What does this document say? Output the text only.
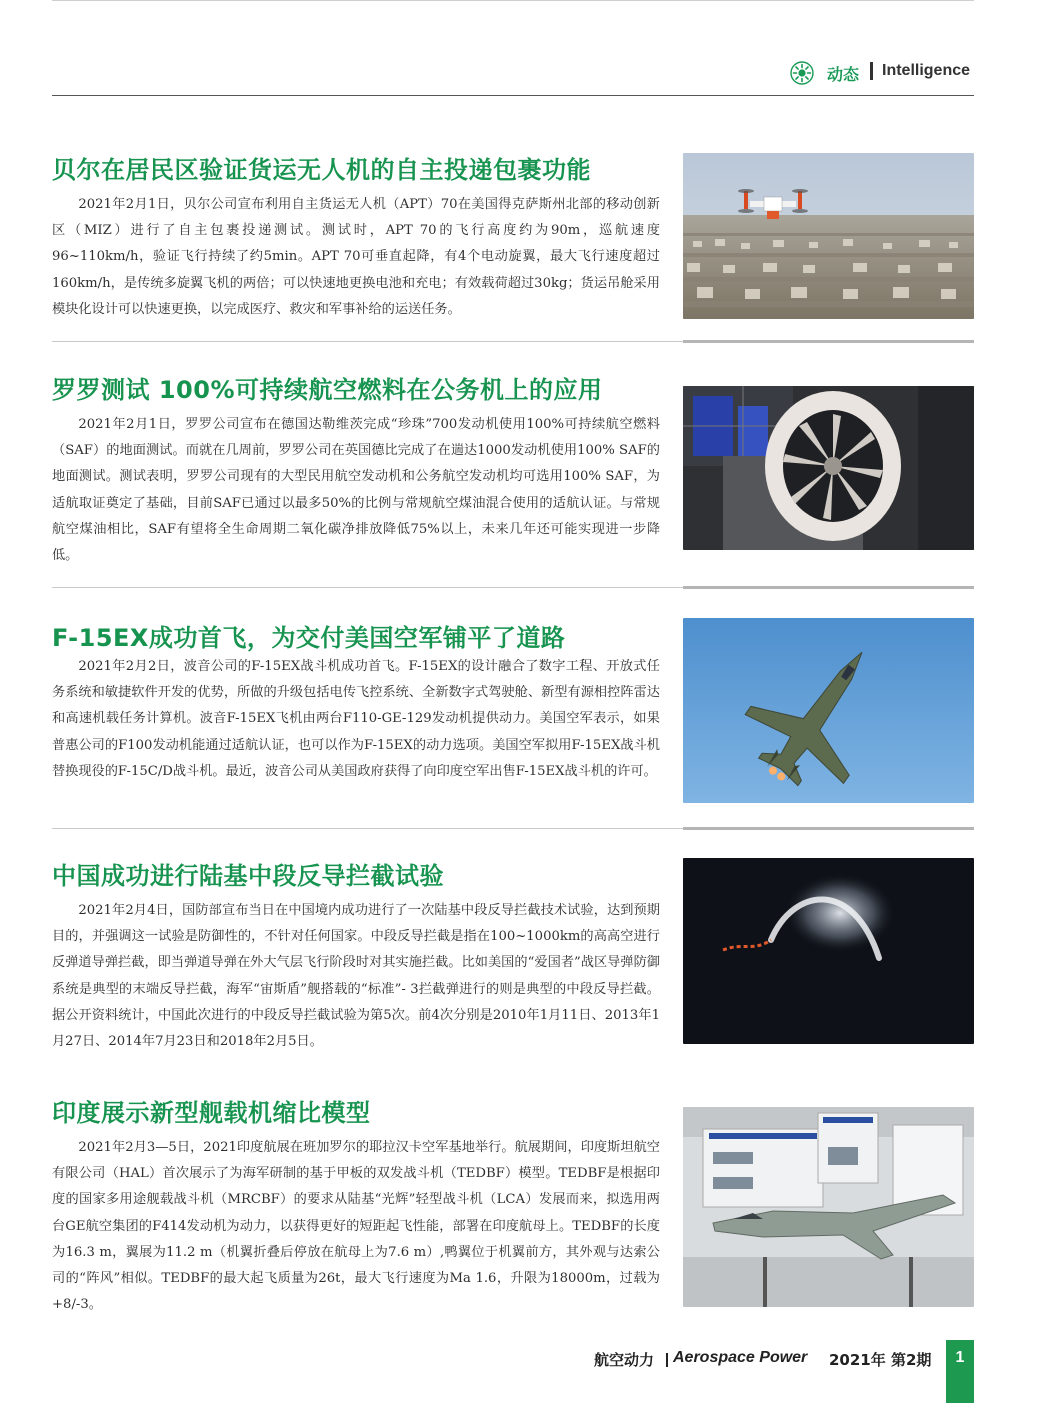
动态 Intelligence
贝尔在居民区验证货运无人机的自主投递包裹功能

2021年2月1日，贝尔公司宣布利用自主货运无人机（APT）70在美国得克萨斯州北部的移动创新区（MIZ）进行了自主包裹投递测试。测试时，APT 70的飞行高度约为90m，巡航速度96~110km/h，验证飞行持续了约5min。APT 70可垂直起降，有4个电动旋翼，最大飞行速度超过160km/h，是传统多旋翼飞机的两倍；可以快速地更换电池和充电；有效载荷超过30kg；货运吊舱采用模块化设计可以快速更换，以完成医疗、救灾和军事补给的运送任务。

罗罗测试 100%可持续航空燃料在公务机上的应用

2021年2月1日，罗罗公司宣布在德国达勒维茨完成“珍珠”700发动机使用100%可持续航空燃料（SAF）的地面测试。而就在几周前，罗罗公司在英国德比完成了在遄达1000发动机使用100% SAF的地面测试。测试表明，罗罗公司现有的大型民用航空发动机和公务航空发动机均可选用100% SAF，为适航取证奠定了基础，目前SAF已通过以最多50%的比例与常规航空煤油混合使用的适航认证。与常规航空煤油相比，SAF有望将全生命周期二氧化碳净排放降低75%以上，未来几年还可能实现进一步降低。

F-15EX成功首飞，为交付美国空军铺平了道路

2021年2月2日，波音公司的F-15EX战斗机成功首飞。F-15EX的设计融合了数字工程、开放式任务系统和敏捷软件开发的优势，所做的升级包括电传飞控系统、全新数字式驾驶舱、新型有源相控阵雷达和高速机载任务计算机。波音F-15EX飞机由两台F110-GE-129发动机提供动力。美国空军表示，如果普惠公司的F100发动机能通过适航认证，也可以作为F-15EX的动力选项。美国空军拟用F-15EX战斗机替换现役的F-15C/D战斗机。最近，波音公司从美国政府获得了向印度空军出售F-15EX战斗机的许可。

中国成功进行陆基中段反导拦截试验

2021年2月4日，国防部宣布当日在中国境内成功进行了一次陆基中段反导拦截技术试验，达到预期目的，并强调这一试验是防御性的，不针对任何国家。中段反导拦截是指在100~1000km的高高空进行反弹道导弹拦截，即当弹道导弹在外大气层飞行阶段时对其实施拦截。比如美国的“爱国者”战区导弹防御系统是典型的末端反导拦截，海军“宙斯盾”舰搭载的“标准”- 3拦截弹进行的则是典型的中段反导拦截。据公开资料统计，中国此次进行的中段反导拦截试验为第5次。前4次分别是2010年1月11日、2013年1月27日、2014年7月23日和2018年2月5日。

印度展示新型舰载机缩比模型

2021年2月3—5日，2021印度航展在班加罗尔的耶拉汉卡空军基地举行。航展期间，印度斯坦航空有限公司（HAL）首次展示了为海军研制的基于甲板的双发战斗机（TEDBF）模型。TEDBF是根据印度的国家多用途舰载战斗机（MRCBF）的要求从陆基“光辉”轻型战斗机（LCA）发展而来，拟选用两台GE航空集团的F414发动机为动力，以获得更好的短距起飞性能，部署在印度航母上。TEDBF的长度为16.3 m，翼展为11.2 m（机翼折叠后停放在航母上为7.6 m）,鸭翼位于机翼前方，其外观与达索公司的“阵风”相似。TEDBF的最大起飞质量为26t，最大飞行速度为Ma 1.6，升限为18000m，过载为+8/-3。

航空动力 Aerospace Power 2021年 第2期	1
